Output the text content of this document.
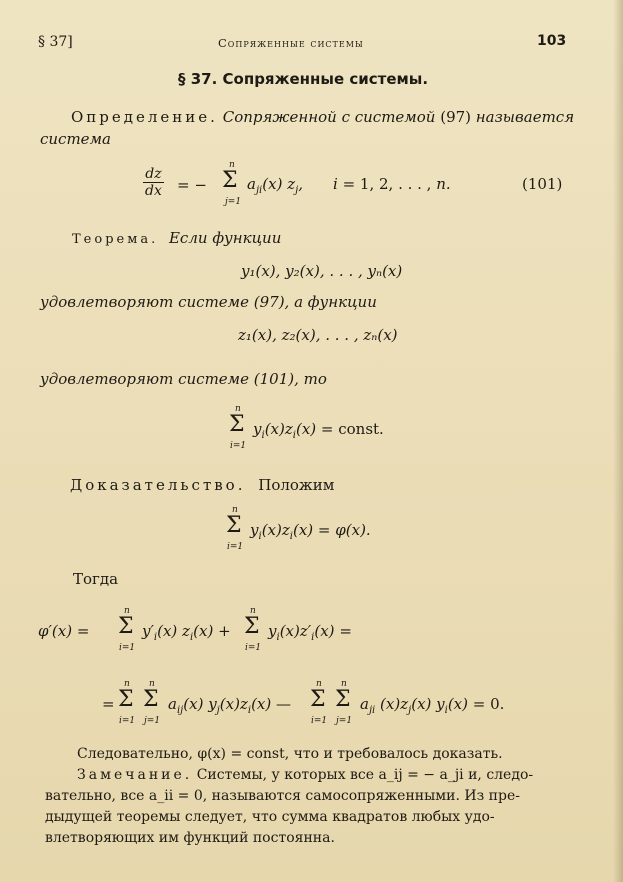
§ 37]	Сопряженные системы	103
§ 37. Сопряженные системы.
Определение. Сопряженной с системой (97) называется
система
$\frac{dz}{dx}$ = −
n
Σ
j=1
$a_{ji}(x)$ $z_j$, i = 1, 2, . . . , n.	(101)
Теорема. Если функции
y₁(x), y₂(x), . . . , yₙ(x)
удовлетворяют системе (97), а функции
z₁(x), z₂(x), . . . , zₙ(x)
удовлетворяют системе (101), то
n
Σ
i=1
$y_i(x)z_i(x)$ = const.
Доказательство. Положим
n
Σ
i=1
$y_i(x)z_i(x) = \varphi(x)$.
Тогда
φ′(x) =
n
Σ
i=1
$y'_i(x) z_i(x)$ +
n
Σ
i=1
$y_i(x)z'_i(x)$ =
=
n
Σ
i=1
n
Σ
j=1
$a_{ij}(x)$ $y_j(x)z_i(x)$ —
n
Σ
i=1
n
Σ
j=1
$a_{ji}$ $(x)z_j(x) y_i(x) = 0$.
Следовательно, φ(x) = const, что и требовалось доказать.
Замечание. Системы, у которых все a_ij = − a_ji и, следо-
вательно, все a_ii = 0, называются самосопряженными. Из пре-
дыдущей теоремы следует, что сумма квадратов любых удо-
влетворяющих им функций постоянна.
